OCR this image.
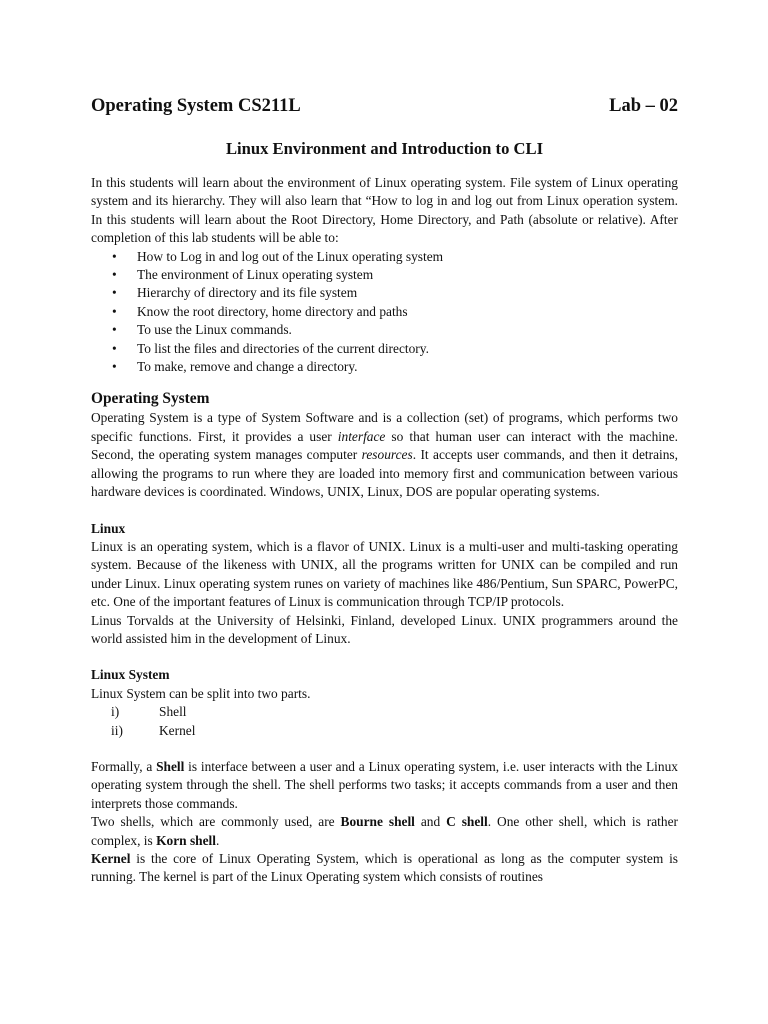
Operating System CS211L	Lab – 02
Linux Environment and Introduction to CLI

In this students will learn about the environment of Linux operating system. File system of Linux operating system and its hierarchy. They will also learn that “How to log in and log out from Linux operation system. In this students will learn about the Root Directory, Home Directory, and Path (absolute or relative). After completion of this lab students will be able to:

• How to Log in and log out of the Linux operating system
• The environment of Linux operating system
• Hierarchy of directory and its file system
• Know the root directory, home directory and paths
• To use the Linux commands.
• To list the files and directories of the current directory.
• To make, remove and change a directory.
Operating System

Operating System is a type of System Software and is a collection (set) of programs, which performs two specific functions. First, it provides a user interface so that human user can interact with the machine. Second, the operating system manages computer resources. It accepts user commands, and then it detrains, allowing the programs to run where they are loaded into memory first and communication between various hardware devices is coordinated. Windows, UNIX, Linux, DOS are popular operating systems.

Linux

Linux is an operating system, which is a flavor of UNIX. Linux is a multi-user and multi-tasking operating system. Because of the likeness with UNIX, all the programs written for UNIX can be compiled and run under Linux. Linux operating system runes on variety of machines like 486/Pentium, Sun SPARC, PowerPC, etc. One of the important features of Linux is communication through TCP/IP protocols.

Linus Torvalds at the University of Helsinki, Finland, developed Linux. UNIX programmers around the world assisted him in the development of Linux.

Linux System

Linux System can be split into two parts.

i)	Shell
ii)	Kernel

Formally, a Shell is interface between a user and a Linux operating system, i.e. user interacts with the Linux operating system through the shell. The shell performs two tasks; it accepts commands from a user and then interprets those commands.

Two shells, which are commonly used, are Bourne shell and C shell. One other shell, which is rather complex, is Korn shell.

Kernel is the core of Linux Operating System, which is operational as long as the computer system is running. The kernel is part of the Linux Operating system which consists of routines
